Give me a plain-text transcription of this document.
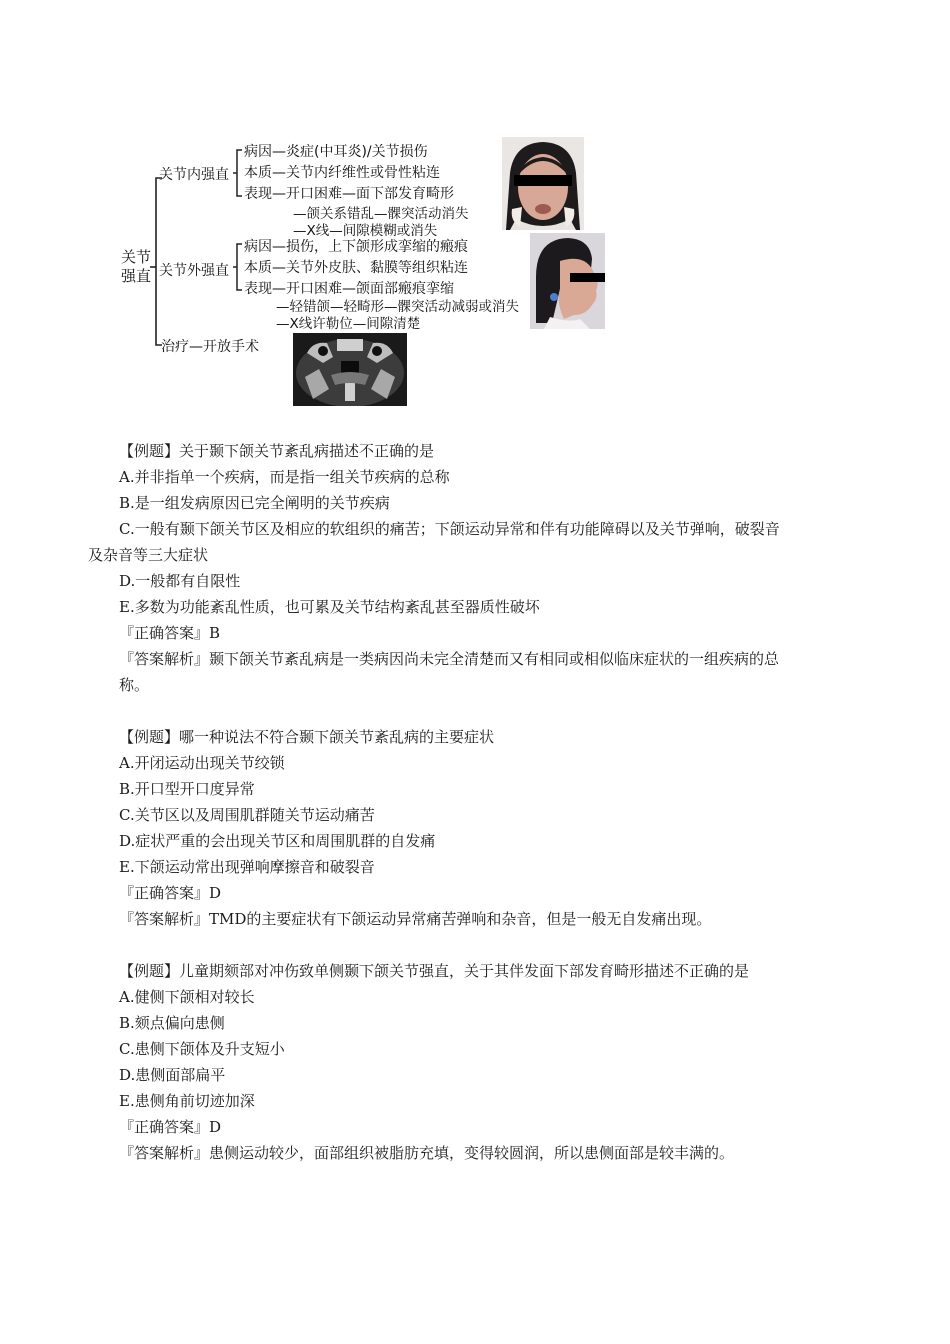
关节
强直
关节内强直
病因—炎症(中耳炎)/关节损伤
本质—关节内纤维性或骨性粘连
表现—开口困难—面下部发育畸形
—颌关系错乱—髁突活动消失
—X线—间隙模糊或消失
关节外强直
病因—损伤，上下颌形成挛缩的瘢痕
本质—关节外皮肤、黏膜等组织粘连
表现—开口困难—颌面部瘢痕挛缩
—轻错颌—轻畸形—髁突活动减弱或消失
—X线许勒位—间隙清楚
治疗—开放手术
【例题】关于颞下颌关节紊乱病描述不正确的是
A.并非指单一个疾病，而是指一组关节疾病的总称
B.是一组发病原因已完全阐明的关节疾病
C.一般有颞下颌关节区及相应的软组织的痛苦；下颌运动异常和伴有功能障碍以及关节弹响，破裂音
及杂音等三大症状
D.一般都有自限性
E.多数为功能紊乱性质，也可累及关节结构紊乱甚至器质性破坏
『正确答案』B
『答案解析』颞下颌关节紊乱病是一类病因尚未完全清楚而又有相同或相似临床症状的一组疾病的总
称。
【例题】哪一种说法不符合颞下颌关节紊乱病的主要症状
A.开闭运动出现关节绞锁
B.开口型开口度异常
C.关节区以及周围肌群随关节运动痛苦
D.症状严重的会出现关节区和周围肌群的自发痛
E.下颌运动常出现弹响摩擦音和破裂音
『正确答案』D
『答案解析』TMD的主要症状有下颌运动异常痛苦弹响和杂音，但是一般无自发痛出现。
【例题】儿童期颏部对冲伤致单侧颞下颌关节强直，关于其伴发面下部发育畸形描述不正确的是
A.健侧下颌相对较长
B.颏点偏向患侧
C.患侧下颌体及升支短小
D.患侧面部扁平
E.患侧角前切迹加深
『正确答案』D
『答案解析』患侧运动较少，面部组织被脂肪充填，变得较圆润，所以患侧面部是较丰满的。
